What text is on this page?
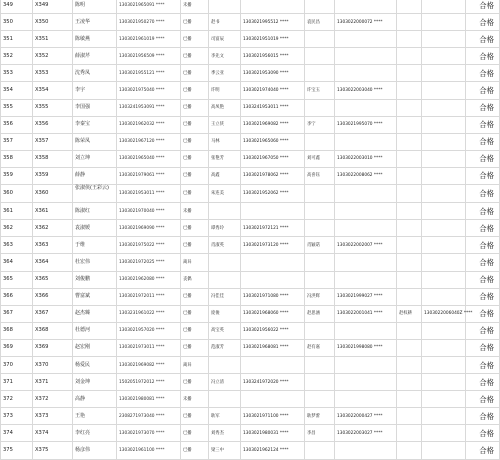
349	X349	陈明	1303021965091 ****	未播							合格
350	X350	王凌华	1303021950270 ****	已播	赵书	1303021995512 ****	袁民昌	1303022000072 ****			合格
351	X351	陈敏燕	1303021961019 ****	已播	司富辰	1303021951019 ****					合格
352	X352	薛淑芹	1303021956509 ****	已播	李先文	1303021956015 ****					合格
353	X353	沈秀凤	1303021955121 ****	已播	季云亚	1303021953090 ****					合格
354	X354	李宇	1303021975040 ****	已播	许明	1303021974040 ****	许宝玉	1303022003040 ****			合格
355	X355	李国强	1303241953091 ****	已播	高凤艳	1303241953011 ****					合格
356	X356	李秦宝	1303021962032 ****	已播	王立侠	1303021969082 ****	李宁	1303021995070 ****			合格
357	X357	陈荣凤	1303021967120 ****	已播	马林	1303021965060 ****					合格
358	X358	刘立坤	1303021965040 ****	已播	张艳芳	1303021967050 ****	刘可鑫	1303022003010 ****			合格
359	X359	薛静	1303021979061 ****	已播	高鑫	1303021978062 ****	高喜钰	1303022008062 ****			合格
360	X360	张淑侠(王彩云)	1303021953011 ****	已播	朱连美	1303021952062 ****					合格
361	X361	陈淑红	1303021970040 ****	未播							合格
362	X362	袁淑媛	1303021969090 ****	已播	谭秀玲	1303021972121 ****					合格
363	X363	于维	1303021975022 ****	已播	肖淑英	1303021973120 ****	肖颖诺	1303022002007 ****			合格
364	X364	杜宏伟	1303021972025 ****	离异							合格
365	X365	刘俊鹏	1303021962080 ****	丧偶							合格
366	X366	曹富斌	1303021972011 ****	已播	冯佳佳	1303021971080 ****	冯洪辉	1303021999027 ****			合格
367	X367	赵杰臻	1303231961022 ****	已播	庞俊	1303021968060 ****	赵思涵	1303022001041 ****	赵权耕	1303022006040Z ****	合格
368	X368	杜德河	1303021957020 ****	已播	高宝英	1303021956022 ****					合格
369	X369	赵宏刚	1303021973011 ****	已播	范淑芳	1303021968081 ****	赵有嘉	1303021998080 ****			合格
370	X370	杨爱民	1303021969082 ****	离异							合格
371	X371	刘金坤	1502051972012 ****	已播	冯立清	1303241972020 ****					合格
372	X372	高静	1303021980081 ****	未播							合格
373	X373	王艳	2308271973040 ****	已播	耿军	1303021971100 ****	耿梦蕾	1303022000427 ****			合格
374	X374	李红亮	1303021973070 ****	已播	刘秀杰	1303021980031 ****	李昌	1303022003027 ****			合格
375	X375	杨彦伟	1303021961100 ****	已播	梁三中	1303021962124 ****					合格
